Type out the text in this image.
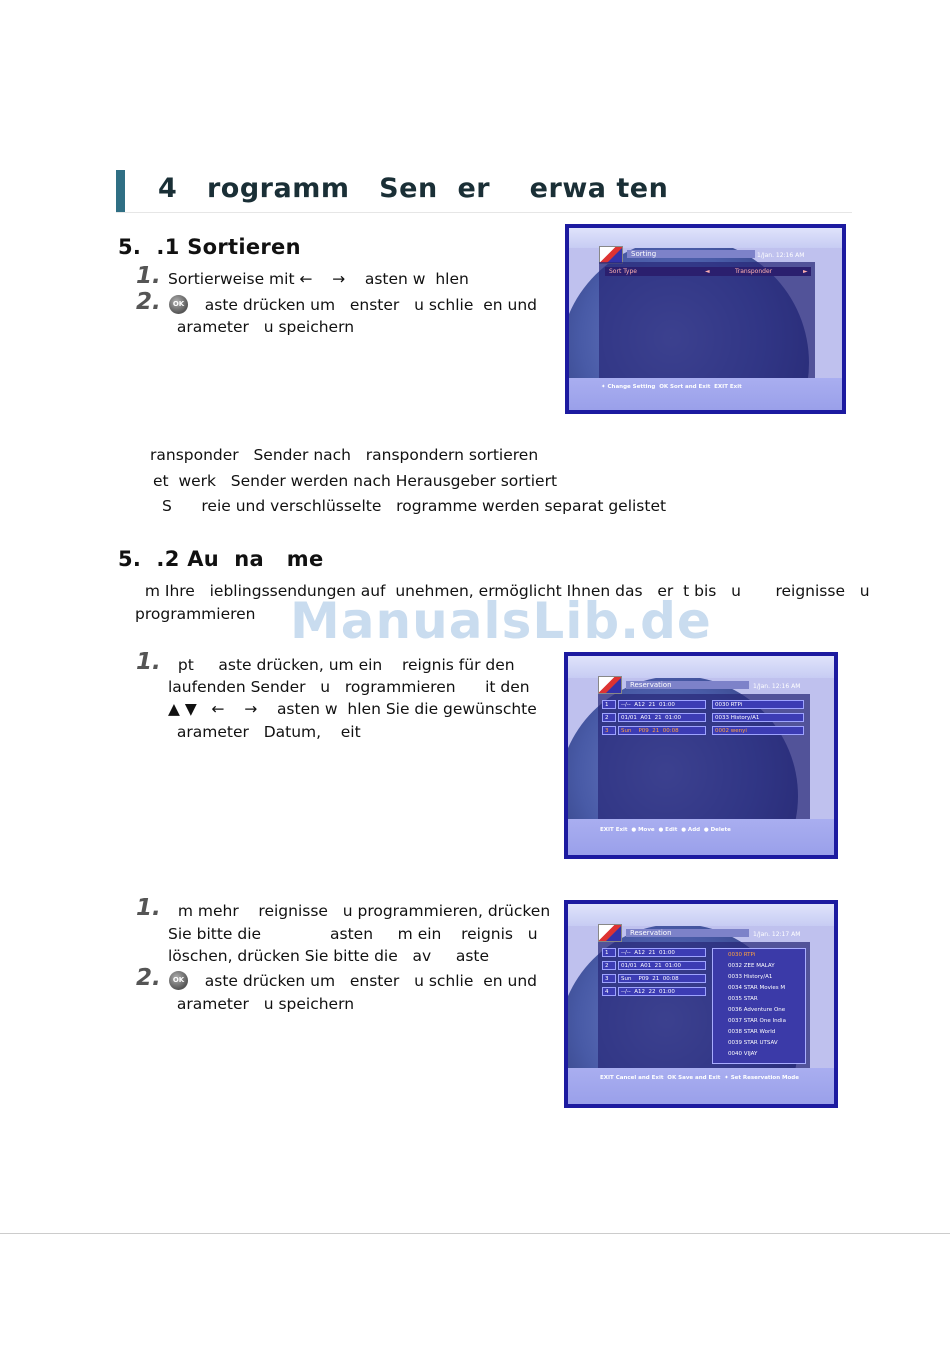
4   rogramm   Sen  er    erwa ten
5.  .1 Sortieren
1. Sortierweise mit ←    →    asten w  hlen
2.	OK aste drücken um   enster   u schlie  en und
arameter   u speichern
ransponder   Sender nach   ranspondern sortieren
et  werk   Sender werden nach Herausgeber sortiert
S      reie und verschlüsselte   rogramme werden separat gelistet
Sorting	1/Jan. 12:16 AM
Sort Type	◄	Transponder	►
✦ Change Setting  OK Sort and Exit  EXIT Exit
5.  .2 Au  na   me
m Ihre   ieblingssendungen auf  unehmen, ermöglicht Ihnen das   er  t bis   u       reignisse   u
programmieren ManualsLib.de
1. pt     aste drücken, um ein    reignis für den
laufenden Sender   u   rogrammieren      it den
▲ ▼   ←    →    asten w  hlen Sie die gewünschte
arameter   Datum,    eit
Reservation	1/Jan. 12:16 AM
1	--/--  A12  21  01:00	0030 RTPi
2	01/01  A01  21  01:00	0033 History/A1
3	Sun    P09  21  00:08	0002 wenyi
EXIT Exit  ● Move  ● Edit  ● Add  ● Delete
1. m mehr    reignisse   u programmieren, drücken
Sie bitte die              asten     m ein    reignis   u
löschen, drücken Sie bitte die   av     aste
2.	OK aste drücken um   enster   u schlie  en und
arameter   u speichern
Reservation	1/Jan. 12:17 AM
1	--/--  A12  21  01:00
2	01/01  A01  21  01:00
3	Sun    P09  21  00:08
4	--/--  A12  22  01:00
0030 RTPi
0032 ZEE MALAY
0033 History/A1
0034 STAR Movies M
0035 STAR
0036 Adventure One
0037 STAR One India
0038 STAR World
0039 STAR UTSAV
0040 VIJAY
EXIT Cancel and Exit  OK Save and Exit  ✦ Set Reservation Mode
